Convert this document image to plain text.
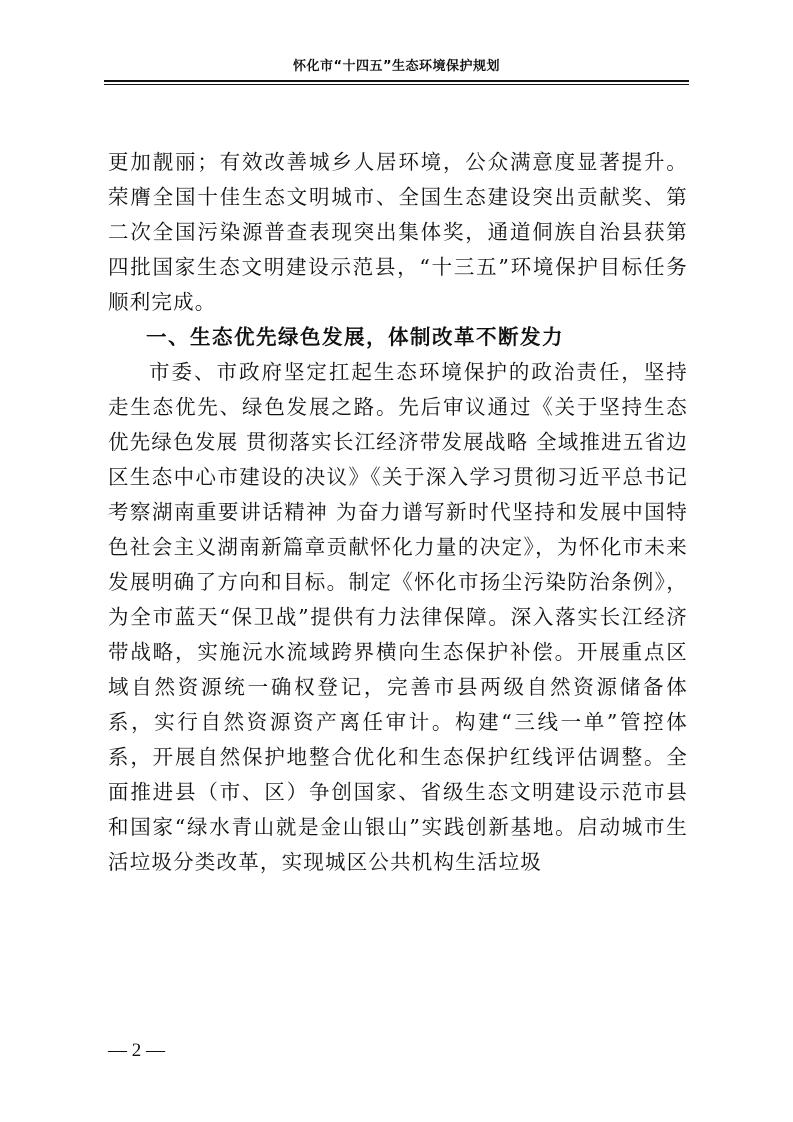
怀化市“十四五”生态环境保护规划

更加靓丽；有效改善城乡人居环境，公众满意度显著提升。荣膺全国十佳生态文明城市、全国生态建设突出贡献奖、第二次全国污染源普查表现突出集体奖，通道侗族自治县获第四批国家生态文明建设示范县，“十三五”环境保护目标任务顺利完成。

一、生态优先绿色发展，体制改革不断发力

市委、市政府坚定扛起生态环境保护的政治责任，坚持走生态优先、绿色发展之路。先后审议通过《关于坚持生态优先绿色发展 贯彻落实长江经济带发展战略 全域推进五省边区生态中心市建设的决议》《关于深入学习贯彻习近平总书记考察湖南重要讲话精神 为奋力谱写新时代坚持和发展中国特色社会主义湖南新篇章贡献怀化力量的决定》，为怀化市未来发展明确了方向和目标。制定《怀化市扬尘污染防治条例》，为全市蓝天“保卫战”提供有力法律保障。深入落实长江经济带战略，实施沅水流域跨界横向生态保护补偿。开展重点区域自然资源统一确权登记，完善市县两级自然资源储备体系，实行自然资源资产离任审计。构建“三线一单”管控体系，开展自然保护地整合优化和生态保护红线评估调整。全面推进县（市、区）争创国家、省级生态文明建设示范市县和国家“绿水青山就是金山银山”实践创新基地。启动城市生活垃圾分类改革，实现城区公共机构生活垃圾

— 2 —
